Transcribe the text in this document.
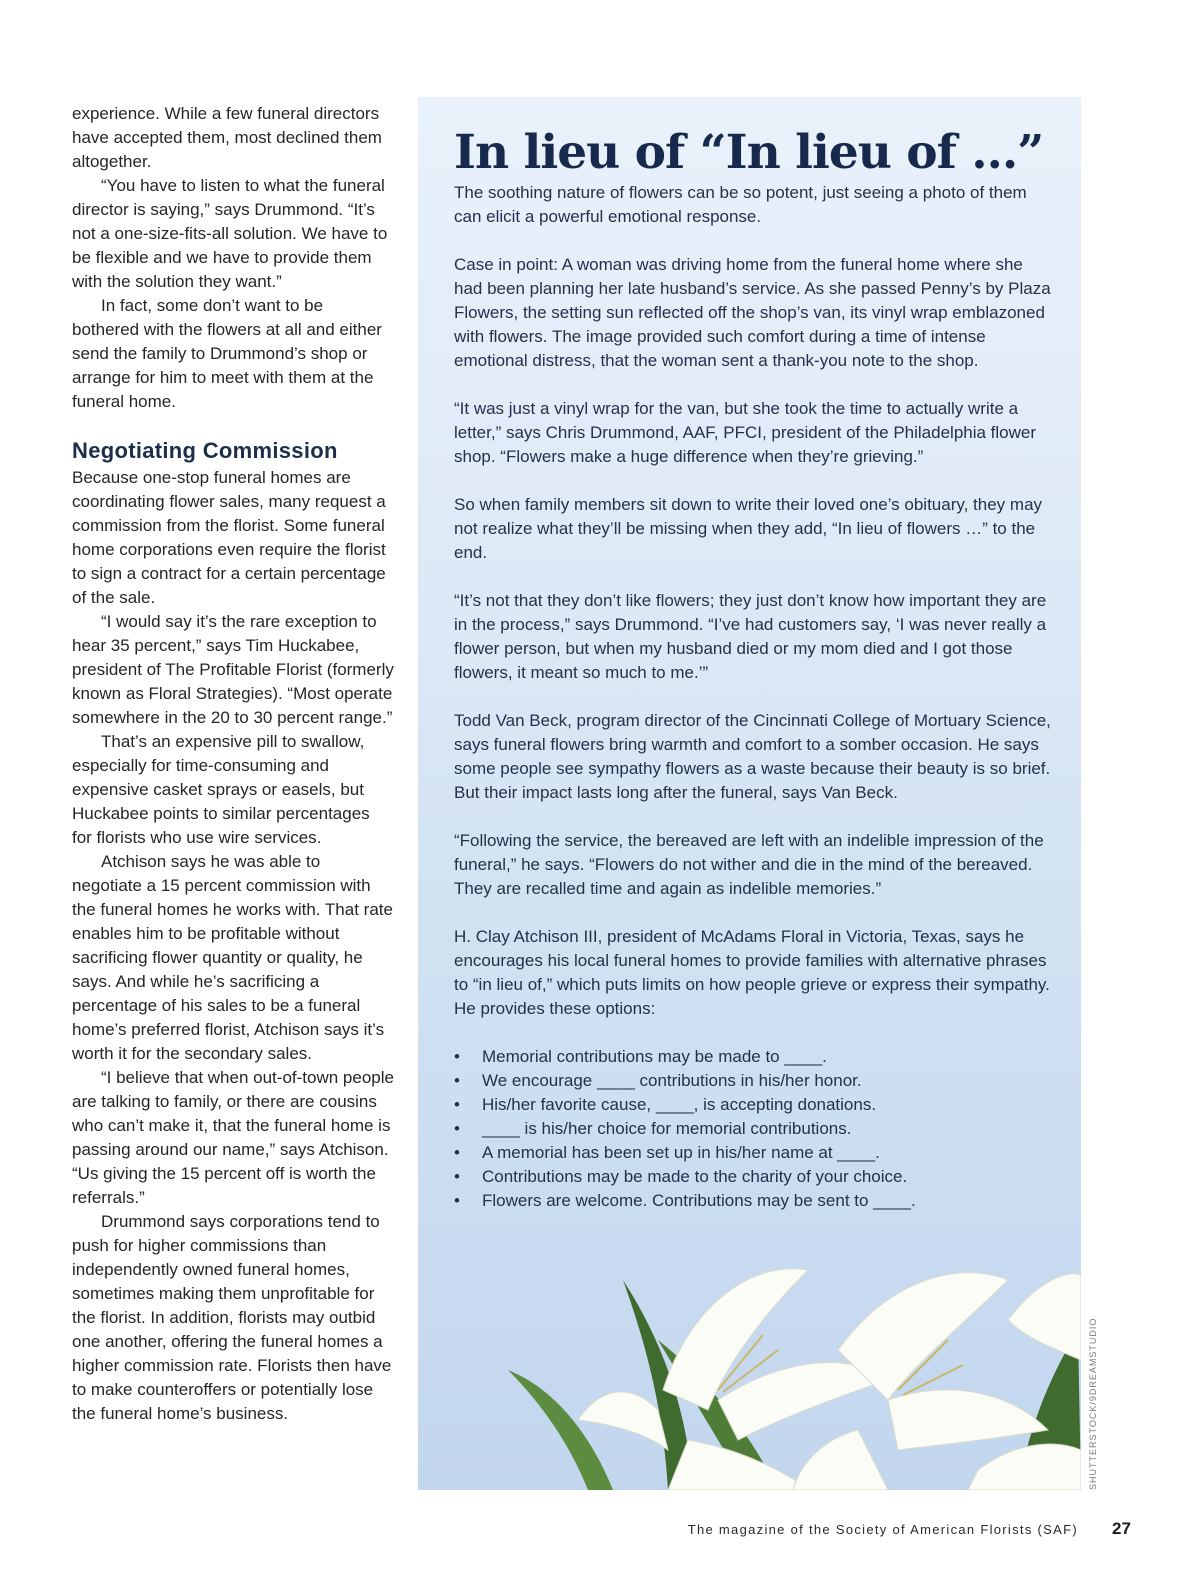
experience. While a few funeral directors have accepted them, most declined them altogether.

“You have to listen to what the funeral director is saying,” says Drummond. “It’s not a one-size-fits-all solution. We have to be flexible and we have to provide them with the solution they want.”

In fact, some don’t want to be bothered with the flowers at all and either send the family to Drummond’s shop or arrange for him to meet with them at the funeral home.

Negotiating Commission

Because one-stop funeral homes are coordinating flower sales, many request a commission from the florist. Some funeral home corporations even require the florist to sign a contract for a certain percentage of the sale.

“I would say it’s the rare exception to hear 35 percent,” says Tim Huckabee, president of The Profitable Florist (formerly known as Floral Strategies). “Most operate somewhere in the 20 to 30 percent range.”

That’s an expensive pill to swallow, especially for time-consuming and expensive casket sprays or easels, but Huckabee points to similar percentages for florists who use wire services.

Atchison says he was able to negotiate a 15 percent commission with the funeral homes he works with. That rate enables him to be profitable without sacrificing flower quantity or quality, he says. And while he’s sacrificing a percentage of his sales to be a funeral home’s preferred florist, Atchison says it’s worth it for the secondary sales.

“I believe that when out-of-town people are talking to family, or there are cousins who can’t make it, that the funeral home is passing around our name,” says Atchison. “Us giving the 15 percent off is worth the referrals.”

Drummond says corporations tend to push for higher commissions than independently owned funeral homes, sometimes making them unprofitable for the florist. In addition, florists may outbid one another, offering the funeral homes a higher commission rate. Florists then have to make counteroffers or potentially lose the funeral home’s business.

In lieu of “In lieu of …”

The soothing nature of flowers can be so potent, just seeing a photo of them can elicit a powerful emotional response.

Case in point: A woman was driving home from the funeral home where she had been planning her late husband’s service. As she passed Penny’s by Plaza Flowers, the setting sun reflected off the shop’s van, its vinyl wrap emblazoned with flowers. The image provided such comfort during a time of intense emotional distress, that the woman sent a thank-you note to the shop.

“It was just a vinyl wrap for the van, but she took the time to actually write a letter,” says Chris Drummond, AAF, PFCI, president of the Philadelphia flower shop. “Flowers make a huge difference when they’re grieving.”

So when family members sit down to write their loved one’s obituary, they may not realize what they’ll be missing when they add, “In lieu of flowers …” to the end.

“It’s not that they don’t like flowers; they just don’t know how important they are in the process,” says Drummond. “I’ve had customers say, ‘I was never really a flower person, but when my husband died or my mom died and I got those flowers, it meant so much to me.’”

Todd Van Beck, program director of the Cincinnati College of Mortuary Science, says funeral flowers bring warmth and comfort to a somber occasion. He says some people see sympathy flowers as a waste because their beauty is so brief. But their impact lasts long after the funeral, says Van Beck.

“Following the service, the bereaved are left with an indelible impression of the funeral,” he says. “Flowers do not wither and die in the mind of the bereaved. They are recalled time and again as indelible memories.”

H. Clay Atchison III, president of McAdams Floral in Victoria, Texas, says he encourages his local funeral homes to provide families with alternative phrases to “in lieu of,” which puts limits on how people grieve or express their sympathy. He provides these options:

• Memorial contributions may be made to ____.
• We encourage ____ contributions in his/her honor.
• His/her favorite cause, ____, is accepting donations.
• ____ is his/her choice for memorial contributions.
• A memorial has been set up in his/her name at ____.
• Contributions may be made to the charity of your choice.
• Flowers are welcome. Contributions may be sent to ____.
SHUTTERSTOCK/9DREAMSTUDIO
The magazine of the Society of American Florists (SAF) 27
